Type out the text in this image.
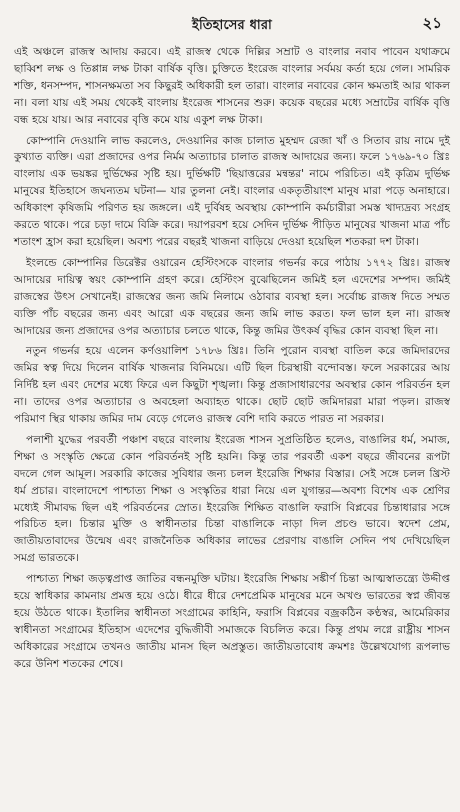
ইতিহাসের ধারা	২১

এই অঞ্চলে রাজস্ব আদায় করবে। এই রাজস্ব থেকে দিল্লির সম্রাট ও বাংলার নবাব পাবেন যথাক্রমে ছাব্বিশ লক্ষ ও তিপ্পান্ন লক্ষ টাকা বার্ষিক বৃত্তি। চুক্তিতে ইংরেজ বাংলার সর্বময় কর্তা হয়ে গেল। সামরিক শক্তি, ধনসম্পদ, শাসনক্ষমতা সব কিছুরই অধিকারী হল তারা। বাংলার নবাবের কোন ক্ষমতাই আর থাকল না। বলা যায় এই সময় থেকেই বাংলায় ইংরেজ শাসনের শুরু। কয়েক বছরের মধ্যে সম্রাটের বার্ষিক বৃত্তি বন্ধ হয়ে যায়। আর নবাবের বৃত্তি কমে যায় একুশ লক্ষ টাকা।

কোম্পানি দেওয়ানি লাভ করলেও, দেওয়ানির কাজ চালাত মুহম্মদ রেজা খাঁ ও সিতাব রায় নামে দুই কুখ্যাত ব্যক্তি। এরা প্রজাদের ওপর নির্মম অত্যাচার চালাত রাজস্ব আদায়ের জন্য। ফলে ১৭৬৯-৭০ খ্রিঃ বাংলায় এক ভয়ঙ্কর দুর্ভিক্ষের সৃষ্টি হয়। দুর্ভিক্ষটি 'ছিয়াত্তরের মন্বন্তর' নামে পরিচিত। এই কৃত্রিম দুর্ভিক্ষ মানুষের ইতিহাসে জঘন্যতম ঘটনা— যার তুলনা নেই। বাংলার একতৃতীয়াংশ মানুষ মারা পড়ে অনাহারে। অধিকাংশ কৃষিজমি পরিণত হয় জঙ্গলে। এই দুর্বিষহ অবস্থায় কোম্পানি কর্মচারীরা সমস্ত খাদ্যদ্রব্য সংগ্রহ করতে থাকে। পরে চড়া দামে বিক্রি করে। দয়াপরবশ হয়ে সেদিন দুর্ভিক্ষ পীড়িত মানুষের খাজনা মাত্র পাঁচ শতাংশ হ্রাস করা হয়েছিল। অবশ্য পরের বছরই খাজনা বাড়িয়ে দেওয়া হয়েছিল শতকরা দশ টাকা।

ইংলন্ডে কোম্পানির ডিরেক্টর ওয়ারেন হেস্টিংসকে বাংলার গভর্নর করে পাঠায় ১৭৭২ খ্রিঃ। রাজস্ব আদায়ের দায়িত্ব স্বয়ং কোম্পানি গ্রহণ করে। হেস্টিংস বুঝেছিলেন জমিই হল এদেশের সম্পদ। জমিই রাজস্বের উৎস সেখানেই। রাজস্বের জন্য জমি নিলামে ওঠাবার ব্যবস্থা হল। সর্বোচ্চ রাজস্ব দিতে সম্মত ব্যক্তি পাঁচ বছরের জন্য এবং আরো এক বছরের জন্য জমি লাভ করত। ফল ভাল হল না। রাজস্ব আদায়ের জন্য প্রজাদের ওপর অত্যাচার চলতে থাকে, কিন্তু জমির উৎকর্ষ বৃদ্ধির কোন ব্যবস্থা ছিল না।

নতুন গভর্নর হয়ে এলেন কর্ণওয়ালিশ ১৭৮৬ খ্রিঃ। তিনি পুরোন ব্যবস্থা বাতিল করে জমিদারদের জমির স্বত্ব দিয়ে দিলেন বার্ষিক খাজনার বিনিময়ে। এটি ছিল চিরস্থায়ী বন্দোবস্ত। ফলে সরকারের আয় নির্দিষ্ট হল এবং দেশের মধ্যে ফিরে এল কিছুটা শৃঙ্খলা। কিন্তু প্রজাসাধারণের অবস্থার কোন পরিবর্তন হল না। তাদের ওপর অত্যাচার ও অবহেলা অব্যাহত থাকে। ছোট ছোট জমিদাররা মারা পড়ল। রাজস্ব পরিমাণ স্থির থাকায় জমির দাম বেড়ে গেলেও রাজস্ব বেশি দাবি করতে পারত না সরকার।

পলাশী যুদ্ধের পরবর্তী পঞ্চাশ বছরে বাংলায় ইংরেজ শাসন সুপ্রতিষ্ঠিত হলেও, বাঙালির ধর্ম, সমাজ, শিক্ষা ও সংস্কৃতি ক্ষেত্রে কোন পরিবর্তনই সৃষ্টি হয়নি। কিন্তু তার পরবর্তী একশ বছরে জীবনের রূপটা বদলে গেল আমূল। সরকারি কাজের সুবিধার জন্য চলল ইংরেজি শিক্ষার বিস্তার। সেই সঙ্গে চলল খ্রিস্ট ধর্ম প্রচার। বাংলাদেশে পাশ্চাত্য শিক্ষা ও সংস্কৃতির ধারা নিয়ে এল যুগান্তর—অবশ্য বিশেষ এক শ্রেণির মধ্যেই সীমাবদ্ধ ছিল এই পরিবর্তনের স্রোত। ইংরেজি শিক্ষিত বাঙালি ফরাসি বিপ্লবের চিন্তাধারার সঙ্গে পরিচিত হল। চিন্তার মুক্তি ও স্বাধীনতার চিন্তা বাঙালিকে নাড়া দিল প্রচণ্ড ভাবে। স্বদেশ প্রেম, জাতীয়তাবাদের উন্মেষ এবং রাজনৈতিক অধিকার লাভের প্রেরণায় বাঙালি সেদিন পথ দেখিয়েছিল সমগ্র ভারতকে।

পাশ্চাত্য শিক্ষা জড়ত্বপ্রাপ্ত জাতির বন্ধনমুক্তি ঘটায়। ইংরেজি শিক্ষায় সঙ্কীর্ণ চিন্তা আত্মস্বাতন্ত্র্যে উদ্দীপ্ত হয়ে স্বাধিকার কামনায় প্রমত্ত হয়ে ওঠে। ধীরে ধীরে দেশপ্রেমিক মানুষের মনে অখণ্ড ভারতের স্বপ্ন জীবন্ত হয়ে উঠতে থাকে। ইতালির স্বাধীনতা সংগ্রামের কাহিনি, ফরাসি বিপ্লবের বজ্রকঠিন কণ্ঠস্বর, আমেরিকার স্বাধীনতা সংগ্রামের ইতিহাস এদেশের বুদ্ধিজীবী সমাজকে বিচলিত করে। কিন্তু প্রথম লগ্নে রাষ্ট্রীয় শাসন অধিকারের সংগ্রামে তখনও জাতীয় মানস ছিল অপ্রস্তুত। জাতীয়তাবোধ ক্রমশঃ উল্লেখযোগ্য রূপলাভ করে উনিশ শতকের শেষে।
